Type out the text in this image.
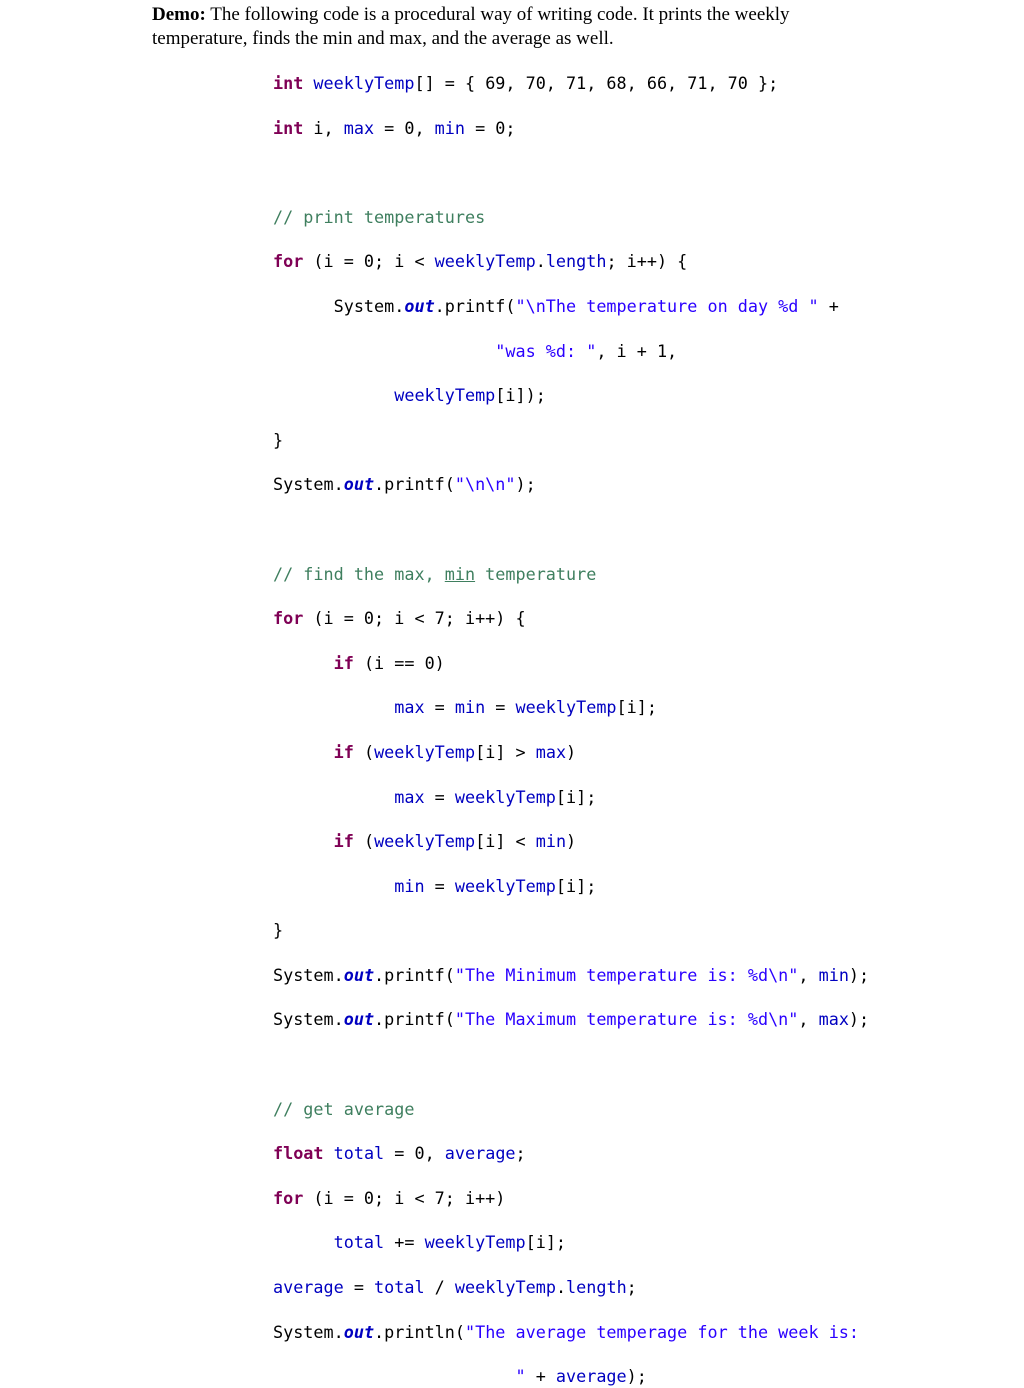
Demo: The following code is a procedural way of writing code. It prints the weekly temperature, finds the min and max, and the average as well.
int weeklyTemp[] = { 69, 70, 71, 68, 66, 71, 70 };

int i, max = 0, min = 0;

// print temperatures

for (i = 0; i < weeklyTemp.length; i++) {

System.out.printf("\nThe temperature on day %d " +

"was %d: ", i + 1,

weeklyTemp[i]);

}

System.out.printf("\n\n");

// find the max, min temperature

for (i = 0; i < 7; i++) {

if (i == 0)

max = min = weeklyTemp[i];

if (weeklyTemp[i] > max)

max = weeklyTemp[i];

if (weeklyTemp[i] < min)

min = weeklyTemp[i];

}

System.out.printf("The Minimum temperature is: %d\n", min);

System.out.printf("The Maximum temperature is: %d\n", max);

// get average

float total = 0, average;

for (i = 0; i < 7; i++)

total += weeklyTemp[i];

average = total / weeklyTemp.length;

System.out.println("The average temperage for the week is:

" + average);
